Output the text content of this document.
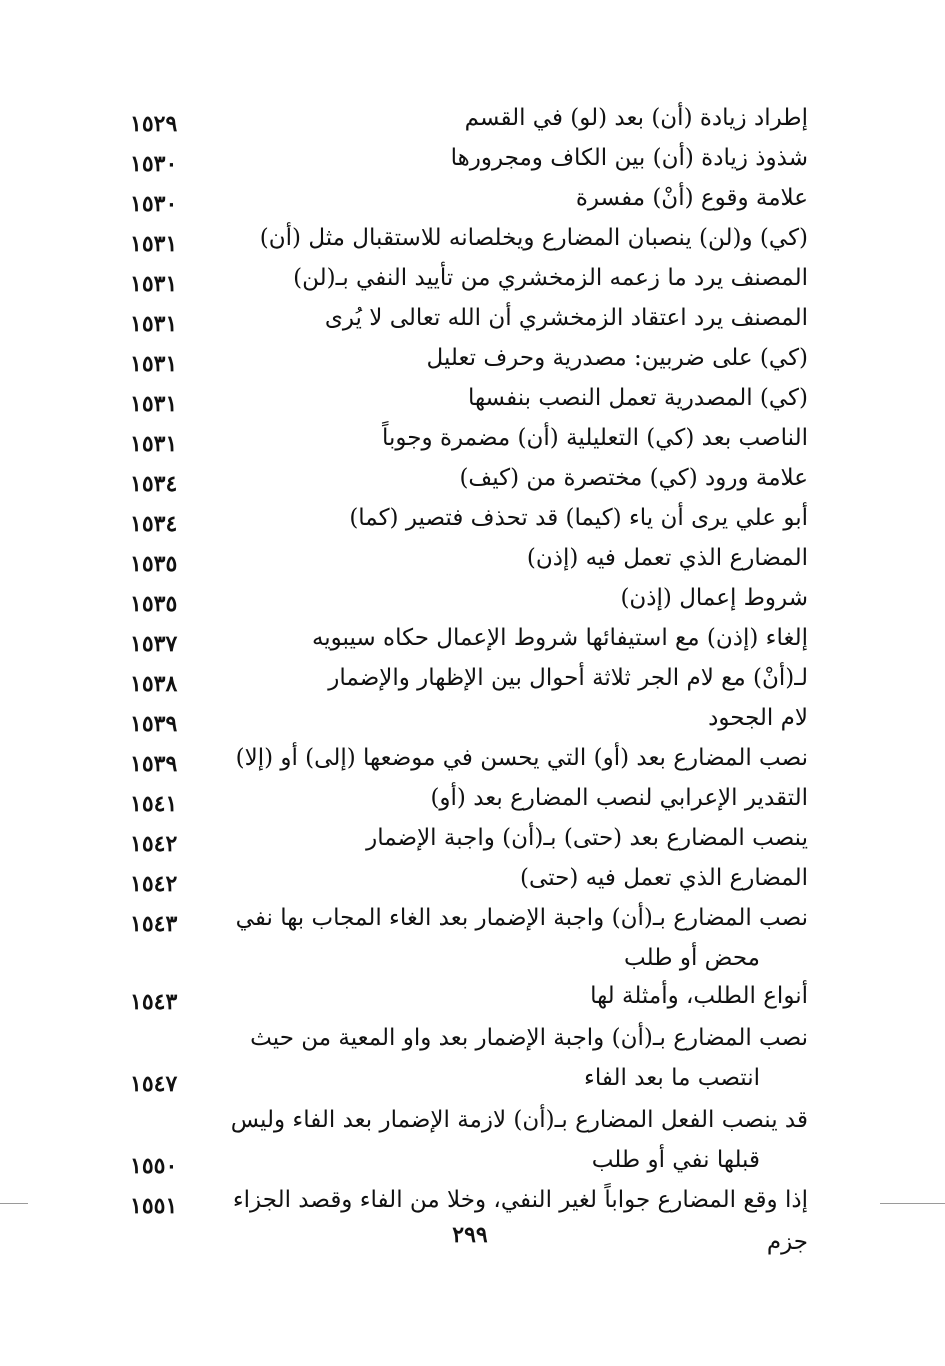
إطراد زيادة (أن) بعد (لو) في القسم
١٥٢٩
شذوذ زيادة (أن) بين الكاف ومجرورها
١٥٣٠
علامة وقوع (أنْ) مفسرة
١٥٣٠
(كي) و(لن) ينصبان المضارع ويخلصانه للاستقبال مثل (أن)
١٥٣١
المصنف يرد ما زعمه الزمخشري من تأييد النفي بـ(لن)
١٥٣١
المصنف يرد اعتقاد الزمخشري أن الله تعالى لا يُرى
١٥٣١
(كي) على ضربين: مصدرية وحرف تعليل
١٥٣١
(كي) المصدرية تعمل النصب بنفسها
١٥٣١
الناصب بعد (كي) التعليلية (أن) مضمرة وجوباً
١٥٣١
علامة ورود (كي) مختصرة من (كيف)
١٥٣٤
أبو علي يرى أن ياء (كيما) قد تحذف فتصير (كما)
١٥٣٤
المضارع الذي تعمل فيه (إذن)
١٥٣٥
شروط إعمال (إذن)
١٥٣٥
إلغاء (إذن) مع استيفائها شروط الإعمال حكاه سيبويه
١٥٣٧
لـ(أنْ) مع لام الجر ثلاثة أحوال بين الإظهار والإضمار
١٥٣٨
لام الجحود
١٥٣٩
نصب المضارع بعد (أو) التي يحسن في موضعها (إلى) أو (إلا)
١٥٣٩
التقدير الإعرابي لنصب المضارع بعد (أو)
١٥٤١
ينصب المضارع بعد (حتى) بـ(أن) واجبة الإضمار
١٥٤٢
المضارع الذي تعمل فيه (حتى)
١٥٤٢
نصب المضارع بـ(أن) واجبة الإضمار بعد الغاء المجاب بها نفي
١٥٤٣
محض أو طلب
أنواع الطلب، وأمثلة لها
١٥٤٣
نصب المضارع بـ(أن) واجبة الإضمار بعد واو المعية من حيث
انتصب ما بعد الفاء
١٥٤٧
قد ينصب الفعل المضارع بـ(أن) لازمة الإضمار بعد الفاء وليس
قبلها نفي أو طلب
١٥٥٠
إذا وقع المضارع جواباً لغير النفي، وخلا من الفاء وقصد الجزاء
١٥٥١
جزم
٢٩٩
